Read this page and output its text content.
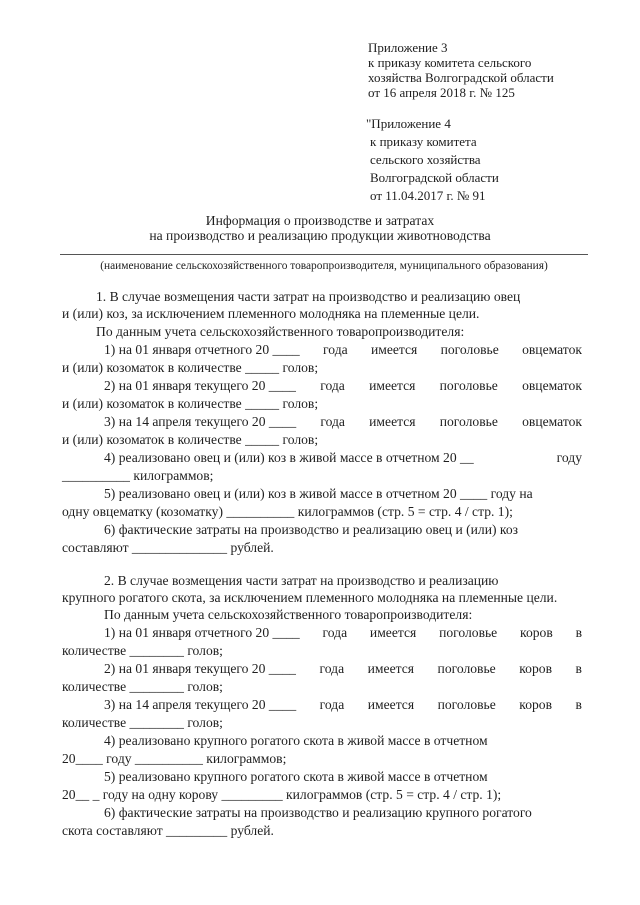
Приложение 3
к приказу комитета сельского
хозяйства Волгоградской области
от 16 апреля 2018 г. № 125
"Приложение 4
к приказу комитета
сельского хозяйства
Волгоградской области
от 11.04.2017 г. № 91
Информация о производстве и затратах
на производство и реализацию продукции животноводства
(наименование сельскохозяйственного товаропроизводителя, муниципального образования)
1. В случае возмещения части затрат на производство и реализацию овец
и (или) коз, за исключением племенного молодняка на племенные цели.
По данным учета сельскохозяйственного товаропроизводителя:
1) на 01 января отчетного 20 ____ года имеется поголовье овцематок
и (или) козоматок в количестве _____ голов;
2) на 01 января текущего 20 ____ года имеется поголовье овцематок
и (или) козоматок в количестве _____ голов;
3) на 14 апреля текущего 20 ____ года имеется поголовье овцематок
и (или) козоматок в количестве _____ голов;
4) реализовано овец и (или) коз в живой массе в отчетном 20 __	году
__________ килограммов;
5) реализовано овец и (или) коз в живой массе в отчетном 20 ____ году на
одну овцематку (козоматку) __________ килограммов (стр. 5 = стр. 4 / стр. 1);
6) фактические затраты на производство и реализацию овец и (или) коз
составляют ______________ рублей.
2. В случае возмещения части затрат на производство и реализацию
крупного рогатого скота, за исключением племенного молодняка на племенные цели.
По данным учета сельскохозяйственного товаропроизводителя:
1) на 01 января отчетного 20 ____ года имеется поголовье коров в
количестве ________ голов;
2) на 01 января текущего 20 ____ года имеется поголовье коров в
количестве ________ голов;
3) на 14 апреля текущего 20 ____ года имеется поголовье коров в
количестве ________ голов;
4) реализовано крупного рогатого скота в живой массе в отчетном
20____ году __________ килограммов;
5) реализовано крупного рогатого скота в живой массе в отчетном
20__ _ году на одну корову _________ килограммов (стр. 5 = стр. 4 / стр. 1);
6) фактические затраты на производство и реализацию крупного рогатого
скота составляют _________ рублей.
